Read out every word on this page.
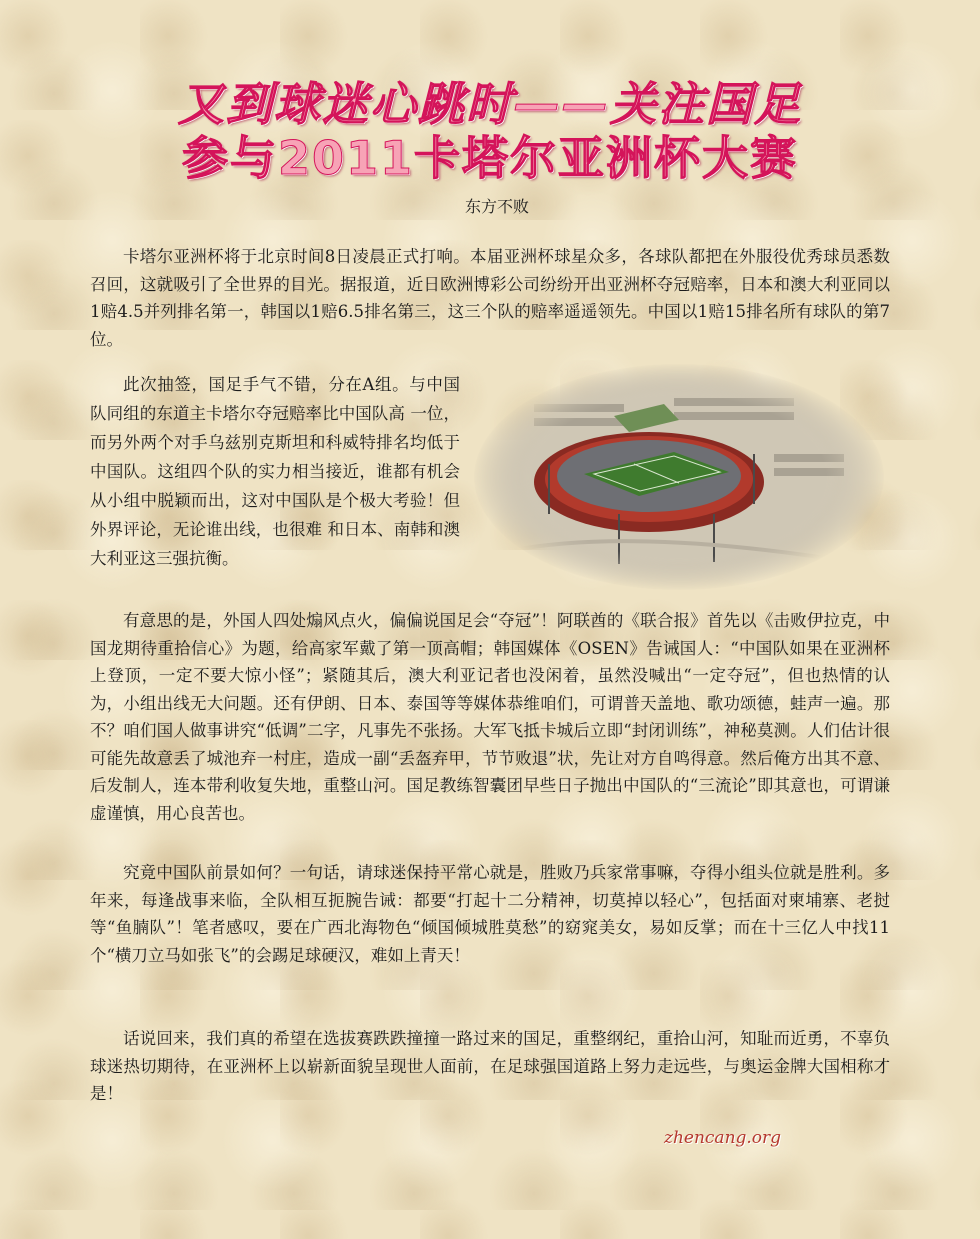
又到球迷心跳时——关注国足
参与2011卡塔尔亚洲杯大赛
东方不败

卡塔尔亚洲杯将于北京时间8日凌晨正式打响。本届亚洲杯球星众多，各球队都把在外服役优秀球员悉数召回，这就吸引了全世界的目光。据报道，近日欧洲博彩公司纷纷开出亚洲杯夺冠赔率，日本和澳大利亚同以1赔4.5并列排名第一，韩国以1赔6.5排名第三，这三个队的赔率遥遥领先。中国以1赔15排名所有球队的第7位。

此次抽签，国足手气不错，分在A组。与中国队同组的东道主卡塔尔夺冠赔率比中国队高 一位，而另外两个对手乌兹别克斯坦和科威特排名均低于中国队。这组四个队的实力相当接近，谁都有机会从小组中脱颖而出，这对中国队是个极大考验！但外界评论，无论谁出线，也很难 和日本、南韩和澳大利亚这三强抗衡。

有意思的是，外国人四处煽风点火，偏偏说国足会“夺冠”！阿联酋的《联合报》首先以《击败伊拉克，中国龙期待重拾信心》为题，给高家军戴了第一顶高帽；韩国媒体《OSEN》告诫国人：“中国队如果在亚洲杯上登顶，一定不要大惊小怪”；紧随其后，澳大利亚记者也没闲着，虽然没喊出“一定夺冠”，但也热情的认为，小组出线无大问题。还有伊朗、日本、泰国等等媒体恭维咱们，可谓普天盖地、歌功颂德，蛙声一遍。那不？咱们国人做事讲究“低调”二字，凡事先不张扬。大军飞抵卡城后立即“封闭训练”，神秘莫测。人们估计很可能先故意丢了城池弃一村庄，造成一副“丢盔弃甲，节节败退”状，先让对方自鸣得意。然后俺方出其不意、后发制人，连本带利收复失地，重整山河。国足教练智囊团早些日子抛出中国队的“三流论”即其意也，可谓谦虚谨慎，用心良苦也。

究竟中国队前景如何？一句话，请球迷保持平常心就是，胜败乃兵家常事嘛，夺得小组头位就是胜利。多年来，每逢战事来临，全队相互扼腕告诫：都要“打起十二分精神，切莫掉以轻心”，包括面对柬埔寨、老挝等“鱼腩队”！笔者感叹，要在广西北海物色“倾国倾城胜莫愁”的窈窕美女，易如反掌；而在十三亿人中找11个“横刀立马如张飞”的会踢足球硬汉，难如上青天！

话说回来，我们真的希望在选拔赛跌跌撞撞一路过来的国足，重整纲纪，重拾山河，知耻而近勇，不辜负球迷热切期待，在亚洲杯上以崭新面貌呈现世人面前，在足球强国道路上努力走远些，与奥运金牌大国相称才是！

zhencang.org
